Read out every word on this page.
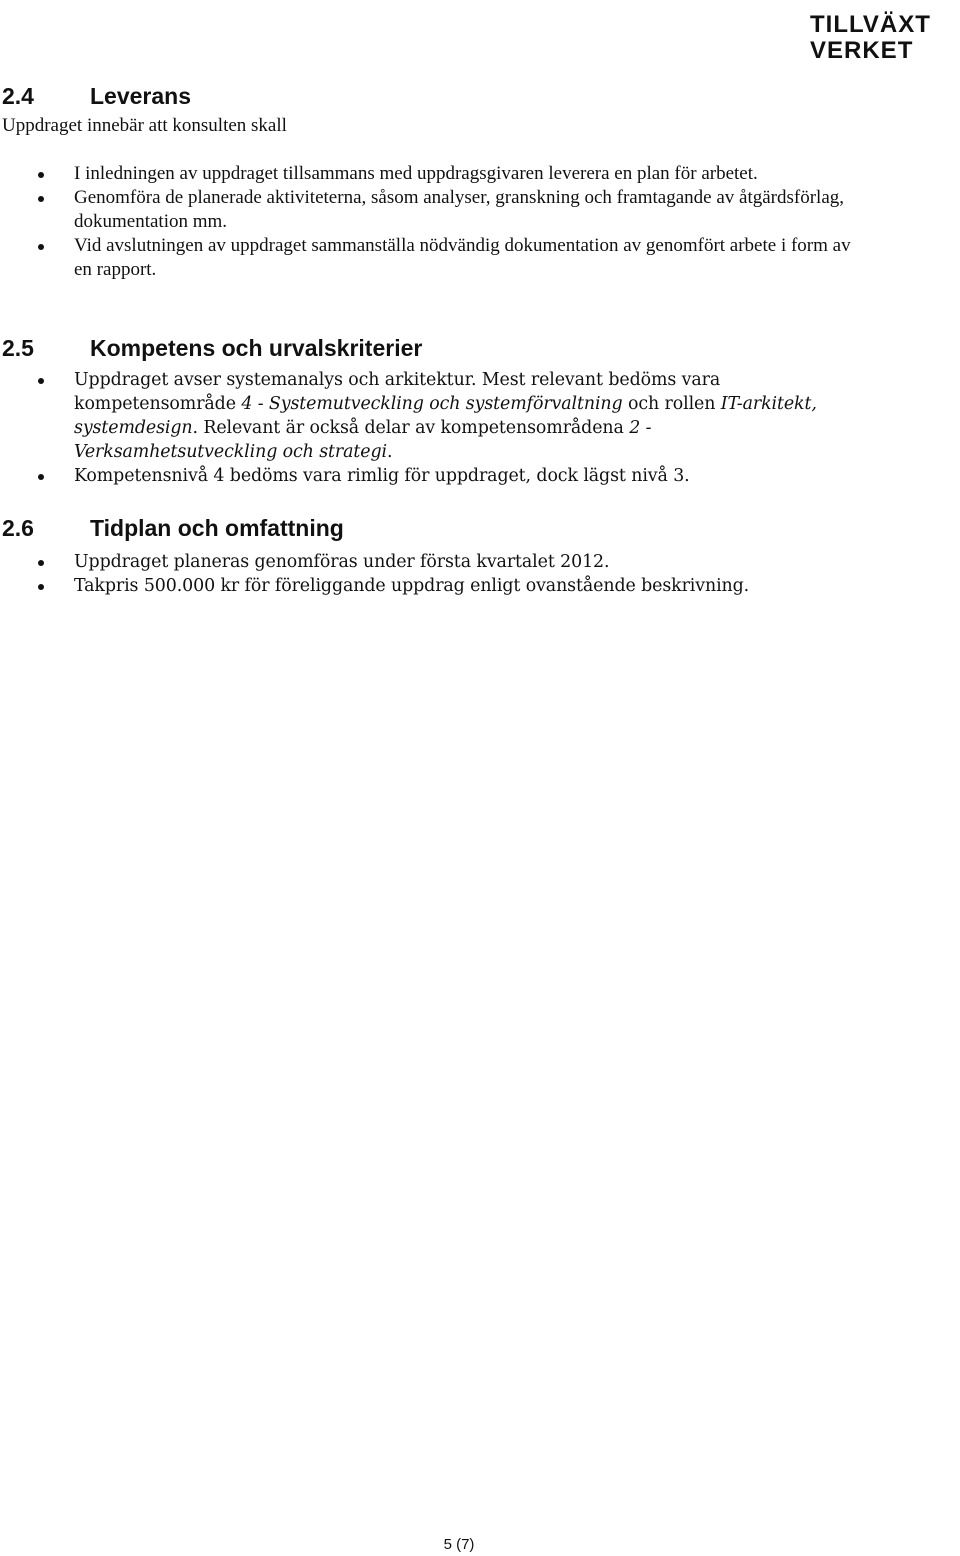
TILLVÄXT
VERKET
2.4 Leverans

Uppdraget innebär att konsulten skall

I inledningen av uppdraget tillsammans med uppdragsgivaren leverera en plan för arbetet.
Genomföra de planerade aktiviteterna, såsom analyser, granskning och framtagande av åtgärdsförlag, dokumentation mm.
Vid avslutningen av uppdraget sammanställa nödvändig dokumentation av genomfört arbete i form av en rapport.
2.5 Kompetens och urvalskriterier
Uppdraget avser systemanalys och arkitektur. Mest relevant bedöms vara kompetensområde 4 - Systemutveckling och systemförvaltning och rollen IT-arkitekt, systemdesign. Relevant är också delar av kompetensområdena 2 - Verksamhetsutveckling och strategi.
Kompetensnivå 4 bedöms vara rimlig för uppdraget, dock lägst nivå 3.
2.6 Tidplan och omfattning
Uppdraget planeras genomföras under första kvartalet 2012.
Takpris 500.000 kr för föreliggande uppdrag enligt ovanstående beskrivning.
5 (7)
